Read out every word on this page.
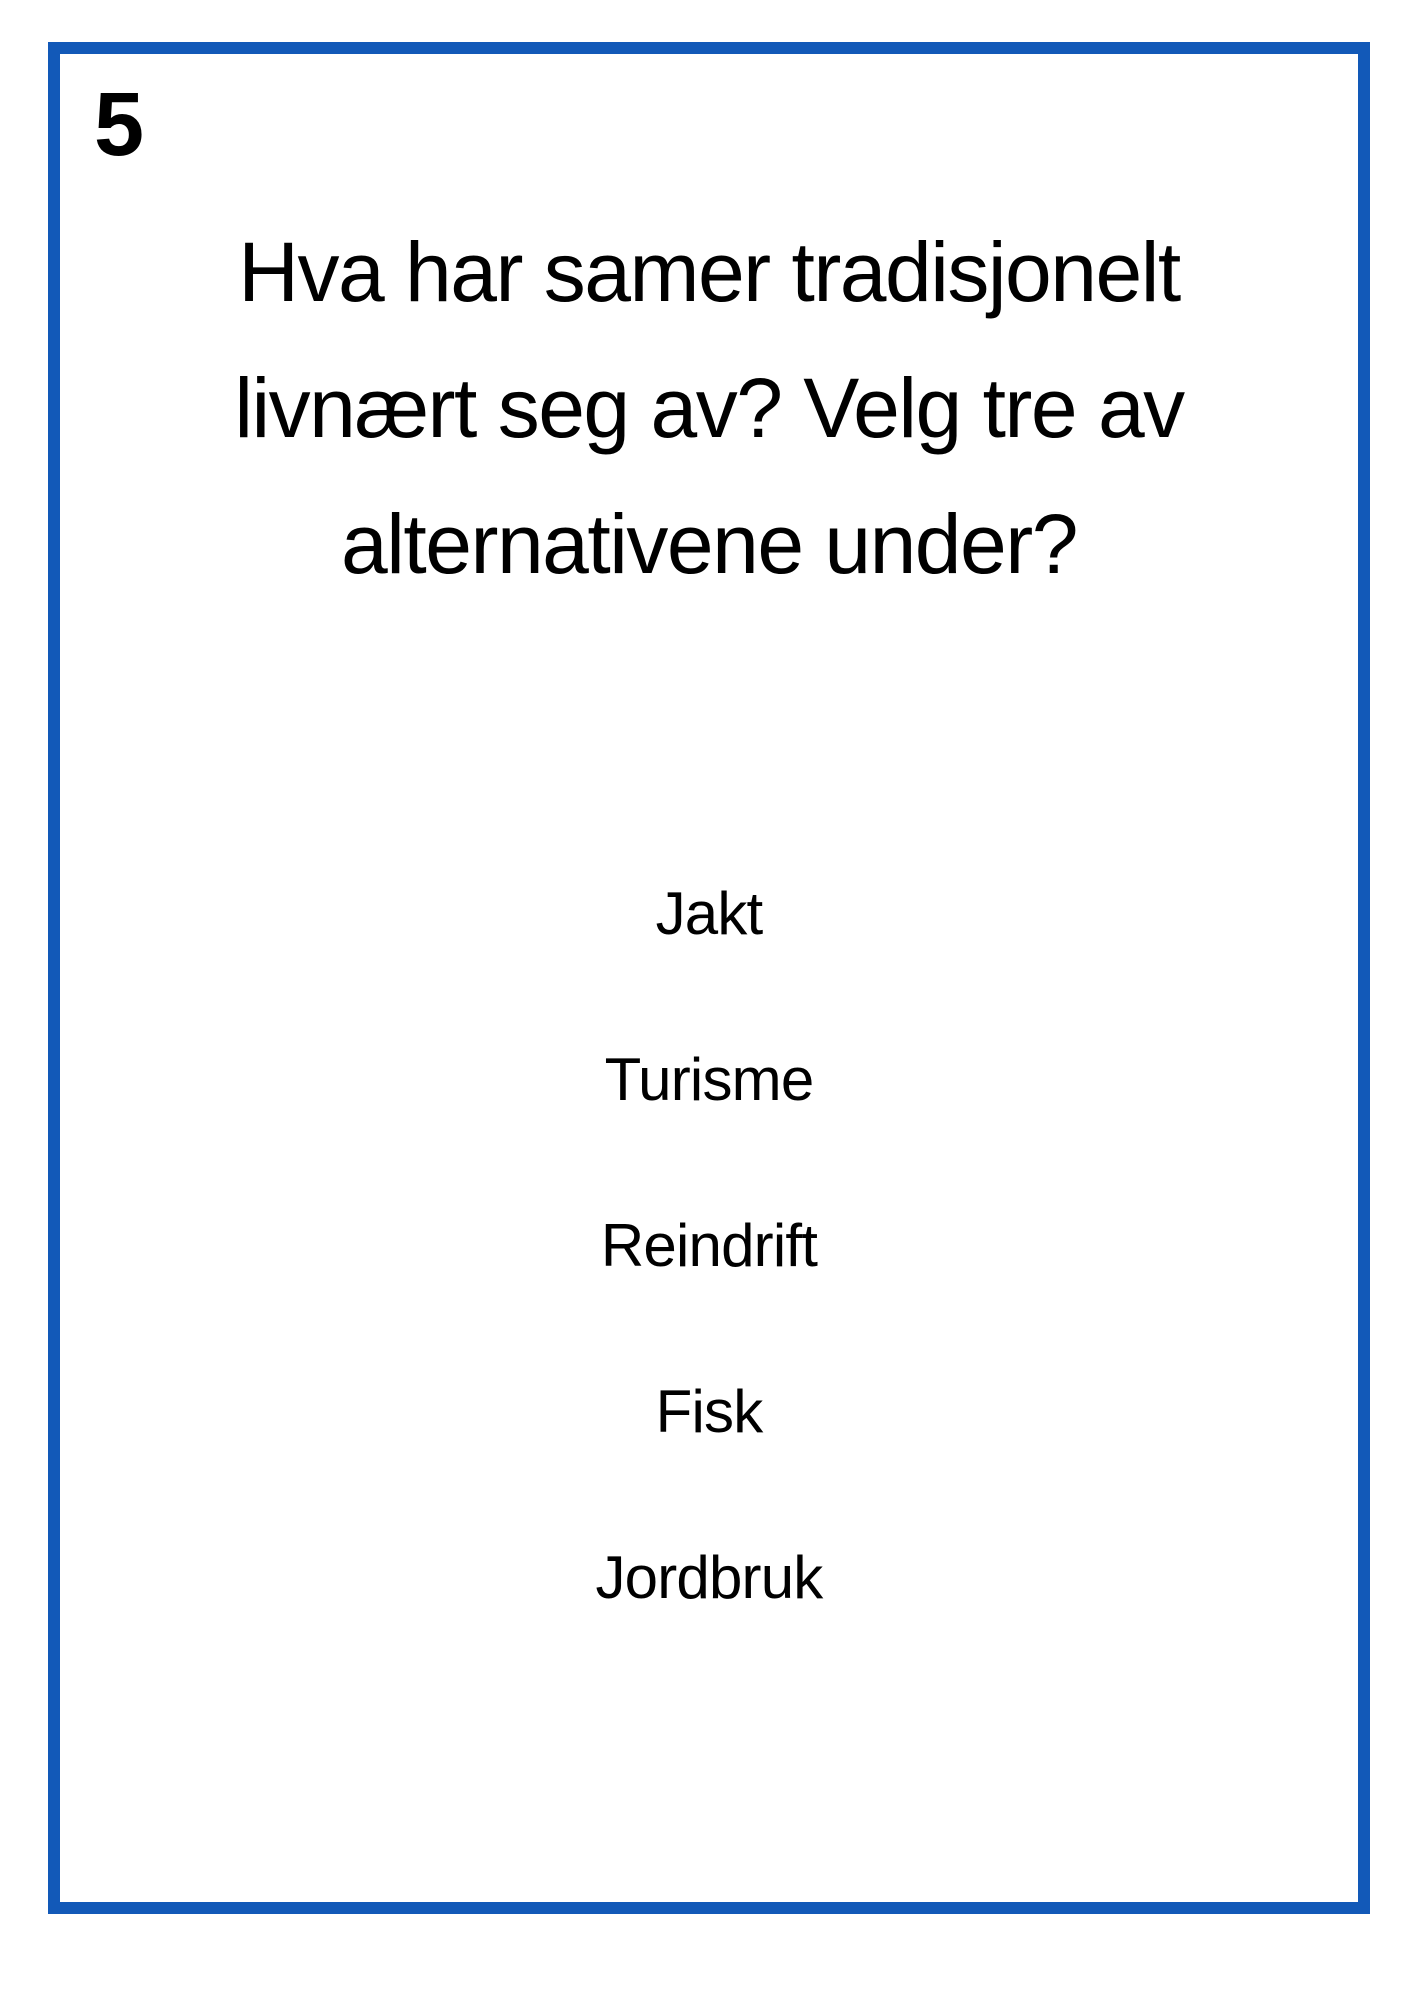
5
Hva har samer tradisjonelt livnært seg av? Velg tre av alternativene under?
Jakt
Turisme
Reindrift
Fisk
Jordbruk
